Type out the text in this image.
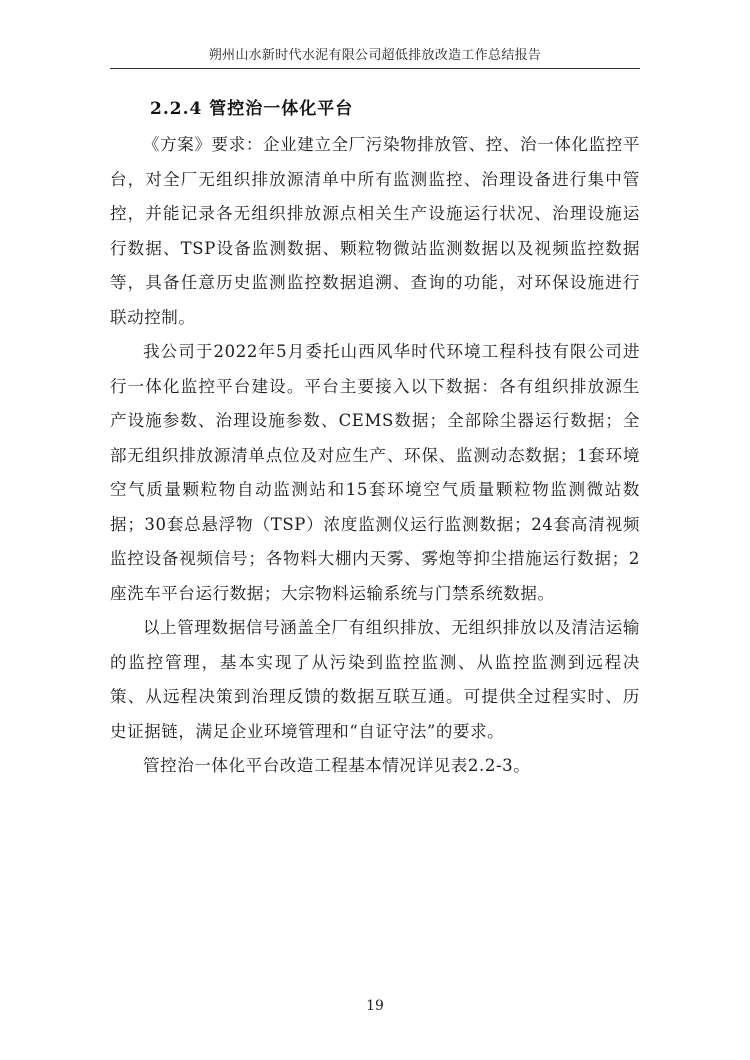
朔州山水新时代水泥有限公司超低排放改造工作总结报告
2.2.4 管控治一体化平台

《方案》要求：企业建立全厂污染物排放管、控、治一体化监控平台，对全厂无组织排放源清单中所有监测监控、治理设备进行集中管控，并能记录各无组织排放源点相关生产设施运行状况、治理设施运行数据、TSP设备监测数据、颗粒物微站监测数据以及视频监控数据等，具备任意历史监测监控数据追溯、查询的功能，对环保设施进行联动控制。

我公司于2022年5月委托山西风华时代环境工程科技有限公司进行一体化监控平台建设。平台主要接入以下数据：各有组织排放源生产设施参数、治理设施参数、CEMS数据；全部除尘器运行数据；全部无组织排放源清单点位及对应生产、环保、监测动态数据；1套环境空气质量颗粒物自动监测站和15套环境空气质量颗粒物监测微站数据；30套总悬浮物（TSP）浓度监测仪运行监测数据；24套高清视频监控设备视频信号；各物料大棚内天雾、雾炮等抑尘措施运行数据；2座洗车平台运行数据；大宗物料运输系统与门禁系统数据。

以上管理数据信号涵盖全厂有组织排放、无组织排放以及清洁运输的监控管理，基本实现了从污染到监控监测、从监控监测到远程决策、从远程决策到治理反馈的数据互联互通。可提供全过程实时、历史证据链，满足企业环境管理和“自证守法”的要求。

管控治一体化平台改造工程基本情况详见表2.2-3。

19
